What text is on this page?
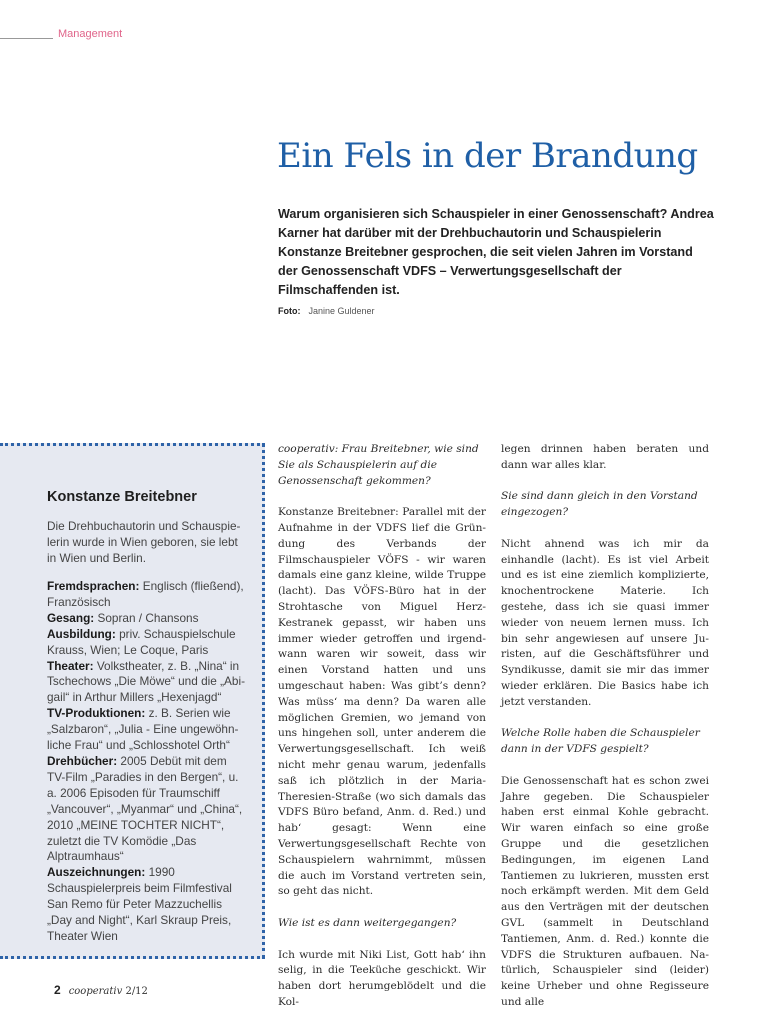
Management
Ein Fels in der Brandung

Warum organisieren sich Schauspieler in einer Genossenschaft? Andrea Karner hat darüber mit der Drehbuchautorin und Schauspielerin Konstanze Breitebner gesprochen, die seit vielen Jahren im Vorstand der Genossenschaft VDFS – Verwertungsgesellschaft der Filmschaffenden ist.

Foto: Janine Guldener
Konstanze Breitebner

Die Drehbuchautorin und Schauspielerin wurde in Wien geboren, sie lebt in Wien und Berlin.

Fremdsprachen: Englisch (fließend), Französisch
Gesang: Sopran / Chansons
Ausbildung: priv. Schauspielschule Krauss, Wien; Le Coque, Paris
Theater: Volkstheater, z. B. „Nina“ in Tschechows „Die Möwe“ und die „Abigail“ in Arthur Millers „Hexenjagd“
TV-Produktionen: z. B. Serien wie „Salzbaron“, „Julia - Eine ungewöhnliche Frau“ und „Schlosshotel Orth“
Drehbücher: 2005 Debüt mit dem TV-Film „Paradies in den Bergen“, u. a. 2006 Episoden für Traumschiff „Vancouver“, „Myanmar“ und „China“, 2010 „MEINE TOCHTER NICHT“, zuletzt die TV Komödie „Das Alptraumhaus“
Auszeichnungen: 1990 Schauspielerpreis beim Filmfestival San Remo für Peter Mazzuchellis „Day and Night“, Karl Skraup Preis, Theater Wien

cooperativ: Frau Breitebner, wie sind Sie als Schauspielerin auf die Genossenschaft gekommen?

Konstanze Breitebner: Parallel mit der Aufnahme in der VDFS lief die Gründung des Verbands der Filmschauspieler VÖFS - wir waren damals eine ganz kleine, wilde Truppe (lacht). Das VÖFS-Büro hat in der Strohtasche von Miguel Herz-Kestranek gepasst, wir haben uns immer wieder getroffen und irgendwann waren wir soweit, dass wir einen Vorstand hatten und uns umgeschaut haben: Was gibt’s denn? Was müss‘ ma denn? Da waren alle möglichen Gremien, wo jemand von uns hingehen soll, unter anderem die Verwertungsgesellschaft. Ich weiß nicht mehr genau warum, jedenfalls saß ich plötzlich in der Maria-Theresien-Straße (wo sich damals das VDFS Büro befand, Anm. d. Red.) und hab‘ gesagt: Wenn eine Verwertungsgesellschaft Rechte von Schauspielern wahrnimmt, müssen die auch im Vorstand vertreten sein, so geht das nicht.

Wie ist es dann weitergegangen?

Ich wurde mit Niki List, Gott hab‘ ihn selig, in die Teeküche geschickt. Wir haben dort herumgeblödelt und die Kol-

legen drinnen haben beraten und dann war alles klar.

Sie sind dann gleich in den Vorstand eingezogen?

Nicht ahnend was ich mir da einhandle (lacht). Es ist viel Arbeit und es ist eine ziemlich komplizierte, knochentrockene Materie. Ich gestehe, dass ich sie quasi immer wieder von neuem lernen muss. Ich bin sehr angewiesen auf unsere Juristen, auf die Geschäftsführer und Syndikusse, damit sie mir das immer wieder erklären. Die Basics habe ich jetzt verstanden.

Welche Rolle haben die Schauspieler dann in der VDFS gespielt?

Die Genossenschaft hat es schon zwei Jahre gegeben. Die Schauspieler haben erst einmal Kohle gebracht. Wir waren einfach so eine große Gruppe und die gesetzlichen Bedingungen, im eigenen Land Tantiemen zu lukrieren, mussten erst noch erkämpft werden. Mit dem Geld aus den Verträgen mit der deutschen GVL (sammelt in Deutschland Tantiemen, Anm. d. Red.) konnte die VDFS die Strukturen aufbauen. Natürlich, Schauspieler sind (leider) keine Urheber und ohne Regisseure und alle

2 cooperativ 2/12
